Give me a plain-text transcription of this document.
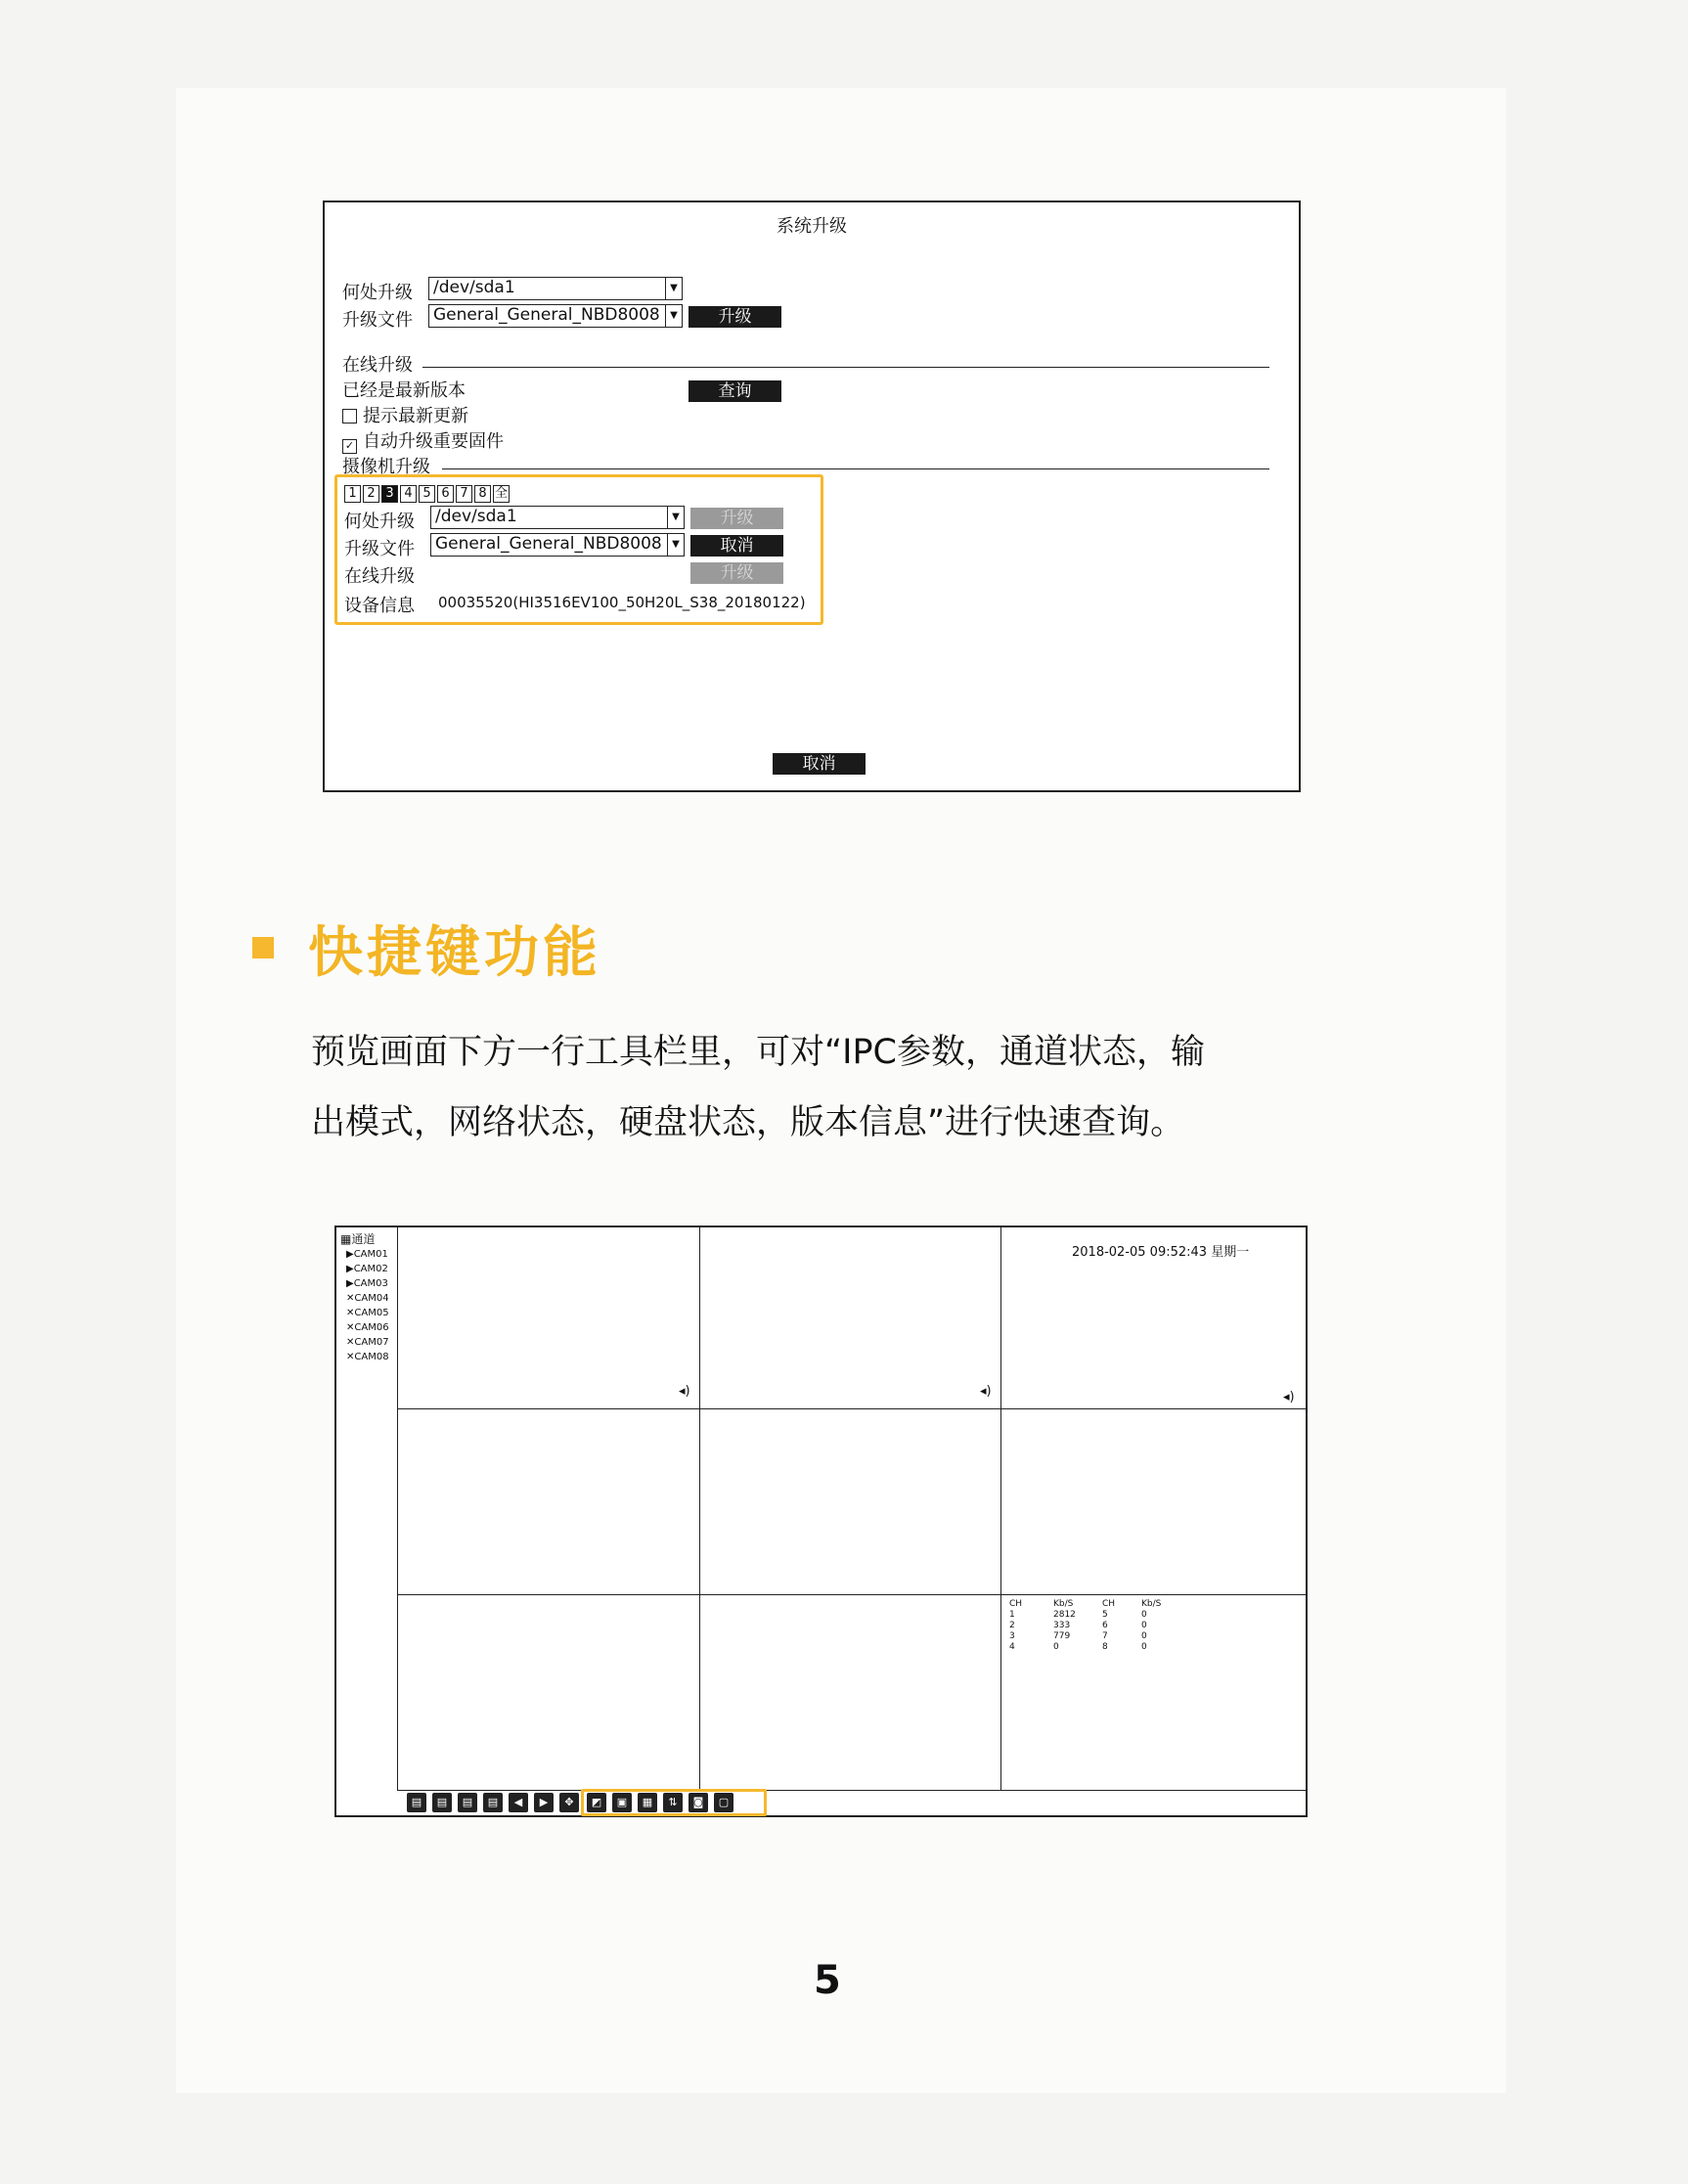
系统升级
何处升级 /dev/sda1	▼
升级文件 General_General_NBD8008	▼	升级
在线升级
已经是最新版本	查询
提示最新更新
✓ 自动升级重要固件
摄像机升级
1 2 3 4 5 6 7 8 全
何处升级 /dev/sda1	▼	升级
升级文件 General_General_NBD8008	▼	取消
在线升级	升级
设备信息 00035520(HI3516EV100_50H20L_S38_20180122)
取消
快捷键功能
预览画面下方一行工具栏里，可对“IPC参数，通道状态，输
出模式，网络状态，硬盘状态，版本信息”进行快速查询。
▦通道
▶CAM01
▶CAM02
▶CAM03
✕CAM04
✕CAM05
✕CAM06
✕CAM07
✕CAM08
2018-02-05 09:52:43 星期一
◂)	◂)	◂)
CH	Kb/S	CH	Kb/S
1	2812	5	0
2	333	6	0
3	779	7	0
4	0	8	0
▤	▤	▤	▤	◀	▶	✥	◩	▣	▦	⇅	◙	▢
5
